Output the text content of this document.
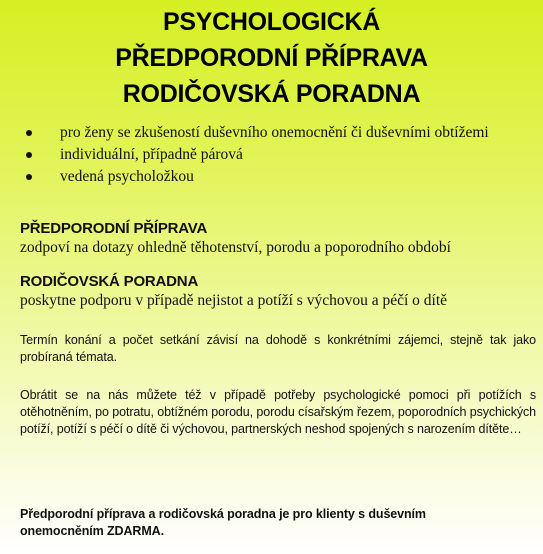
PSYCHOLOGICKÁ
PŘEDPORODNÍ PŘÍPRAVA
RODIČOVSKÁ PORADNA
pro ženy se zkušeností duševního onemocnění či duševními obtížemi
individuální, případně párová
vedená psycholožkou
PŘEDPORODNÍ PŘÍPRAVA
zodpoví na dotazy ohledně těhotenství, porodu a poporodního období
RODIČOVSKÁ PORADNA
poskytne podporu v případě nejistot a potíží s výchovou a péčí o dítě
Termín konání a počet setkání závisí na dohodě s konkrétními zájemci, stejně tak jako probíraná témata.
Obrátit se na nás můžete též v případě potřeby psychologické pomoci při potížích s otěhotněním, po potratu, obtížném porodu, porodu císařským řezem, poporodních psychických potíží, potíží s péčí o dítě či výchovou, partnerských neshod spojených s narozením dítěte…
Předporodní příprava a rodičovská poradna je pro klienty s duševním onemocněním ZDARMA.
